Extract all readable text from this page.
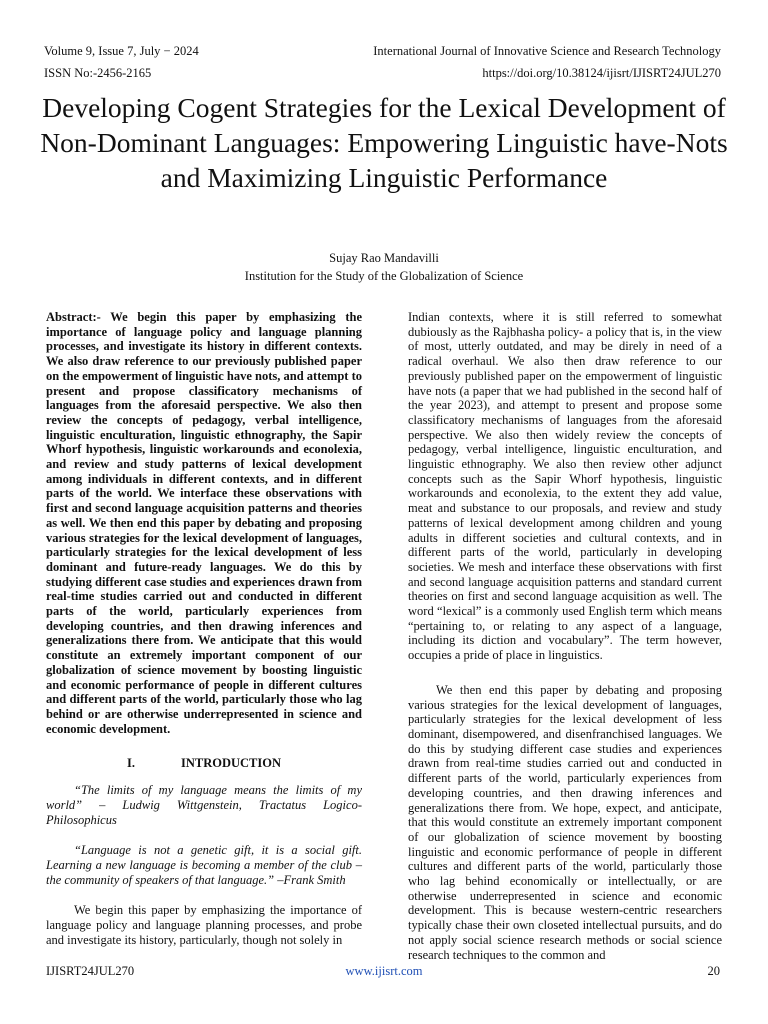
Volume 9, Issue 7, July − 2024	International Journal of Innovative Science and Research Technology
ISSN No:-2456-2165	https://doi.org/10.38124/ijisrt/IJISRT24JUL270
Developing Cogent Strategies for the Lexical Development of Non-Dominant Languages: Empowering Linguistic have-Nots and Maximizing Linguistic Performance
Sujay Rao Mandavilli
Institution for the Study of the Globalization of Science

Abstract:- We begin this paper by emphasizing the importance of language policy and language planning processes, and investigate its history in different contexts. We also draw reference to our previously published paper on the empowerment of linguistic have nots, and attempt to present and propose classificatory mechanisms of languages from the aforesaid perspective. We also then review the concepts of pedagogy, verbal intelligence, linguistic enculturation, linguistic ethnography, the Sapir Whorf hypothesis, linguistic workarounds and econolexia, and review and study patterns of lexical development among individuals in different contexts, and in different parts of the world. We interface these observations with first and second language acquisition patterns and theories as well. We then end this paper by debating and proposing various strategies for the lexical development of languages, particularly strategies for the lexical development of less dominant and future-ready languages. We do this by studying different case studies and experiences drawn from real-time studies carried out and conducted in different parts of the world, particularly experiences from developing countries, and then drawing inferences and generalizations there from. We anticipate that this would constitute an extremely important component of our globalization of science movement by boosting linguistic and economic performance of people in different cultures and different parts of the world, particularly those who lag behind or are otherwise underrepresented in science and economic development.

I.	INTRODUCTION

“The limits of my language means the limits of my world” – Ludwig Wittgenstein, Tractatus Logico-Philosophicus

“Language is not a genetic gift, it is a social gift. Learning a new language is becoming a member of the club – the community of speakers of that language.” –Frank Smith

We begin this paper by emphasizing the importance of language policy and language planning processes, and probe and investigate its history, particularly, though not solely in

Indian contexts, where it is still referred to somewhat dubiously as the Rajbhasha policy- a policy that is, in the view of most, utterly outdated, and may be direly in need of a radical overhaul. We also then draw reference to our previously published paper on the empowerment of linguistic have nots (a paper that we had published in the second half of the year 2023), and attempt to present and propose some classificatory mechanisms of languages from the aforesaid perspective. We also then widely review the concepts of pedagogy, verbal intelligence, linguistic enculturation, and linguistic ethnography. We also then review other adjunct concepts such as the Sapir Whorf hypothesis, linguistic workarounds and econolexia, to the extent they add value, meat and substance to our proposals, and review and study patterns of lexical development among children and young adults in different societies and cultural contexts, and in different parts of the world, particularly in developing societies. We mesh and interface these observations with first and second language acquisition patterns and standard current theories on first and second language acquisition as well. The word “lexical” is a commonly used English term which means “pertaining to, or relating to any aspect of a language, including its diction and vocabulary”. The term however, occupies a pride of place in linguistics.

We then end this paper by debating and proposing various strategies for the lexical development of languages, particularly strategies for the lexical development of less dominant, disempowered, and disenfranchised languages. We do this by studying different case studies and experiences drawn from real-time studies carried out and conducted in different parts of the world, particularly experiences from developing countries, and then drawing inferences and generalizations there from. We hope, expect, and anticipate, that this would constitute an extremely important component of our globalization of science movement by boosting linguistic and economic performance of people in different cultures and different parts of the world, particularly those who lag behind economically or intellectually, or are otherwise underrepresented in science and economic development. This is because western-centric researchers typically chase their own closeted intellectual pursuits, and do not apply social science research methods or social science research techniques to the common and

IJISRT24JUL270	www.ijisrt.com	20
